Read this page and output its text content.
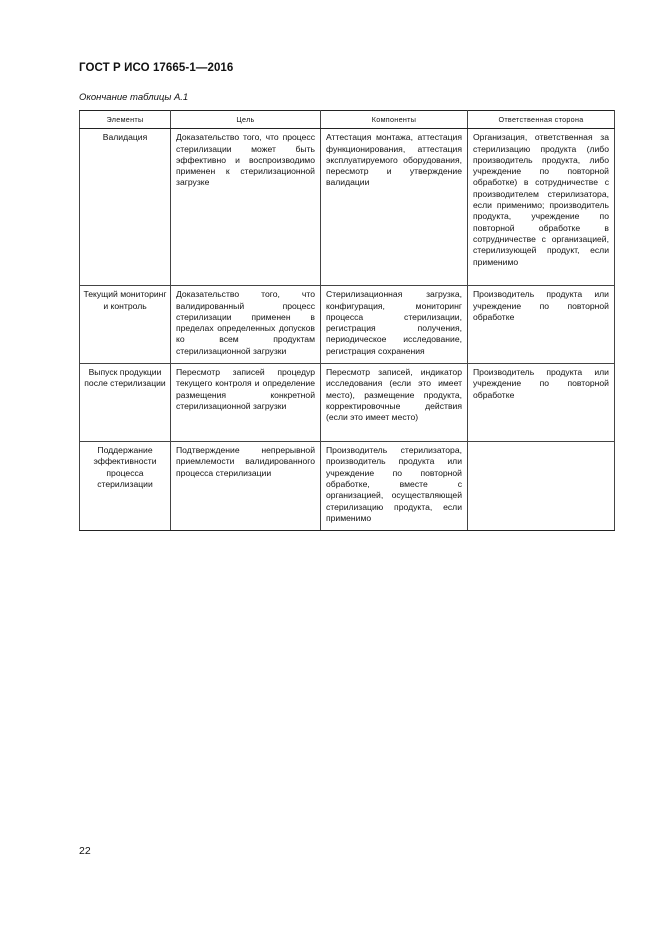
ГОСТ Р ИСО 17665-1—2016
Окончание таблицы А.1
Элементы	Цель	Компоненты	Ответственная сторона
Валидация	Доказательство того, что процесс стерилизации может быть эффективно и воспроизводимо применен к стерилизационной загрузке	Аттестация монтажа, аттестация функционирования, аттестация эксплуатируемого оборудования, пересмотр и утверждение валидации	Организация, ответственная за стерилизацию продукта (либо производитель продукта, либо учреждение по повторной обработке) в сотрудничестве с производителем стерилизатора, если применимо; производитель продукта, учреждение по повторной обработке в сотрудничестве с организацией, стерилизующей продукт, если применимо
Текущий мониторинг и контроль	Доказательство того, что валидированный процесс стерилизации применен в пределах определенных допусков ко всем продуктам стерилизационной загрузки	Стерилизационная загрузка, конфигурация, мониторинг процесса стерилизации, регистрация получения, периодическое исследование, регистрация сохранения	Производитель продукта или учреждение по повторной обработке
Выпуск продукции после стерилизации	Пересмотр записей процедур текущего контроля и определение размещения конкретной стерилизационной загрузки	Пересмотр записей, индикатор исследования (если это имеет место), размещение продукта, корректировочные действия (если это имеет место)	Производитель продукта или учреждение по повторной обработке
Поддержание эффективности процесса стерилизации	Подтверждение непрерывной приемлемости валидированного процесса стерилизации	Производитель стерилизатора, производитель продукта или учреждение по повторной обработке, вместе с организацией, осуществляющей стерилизацию продукта, если применимо	
22
